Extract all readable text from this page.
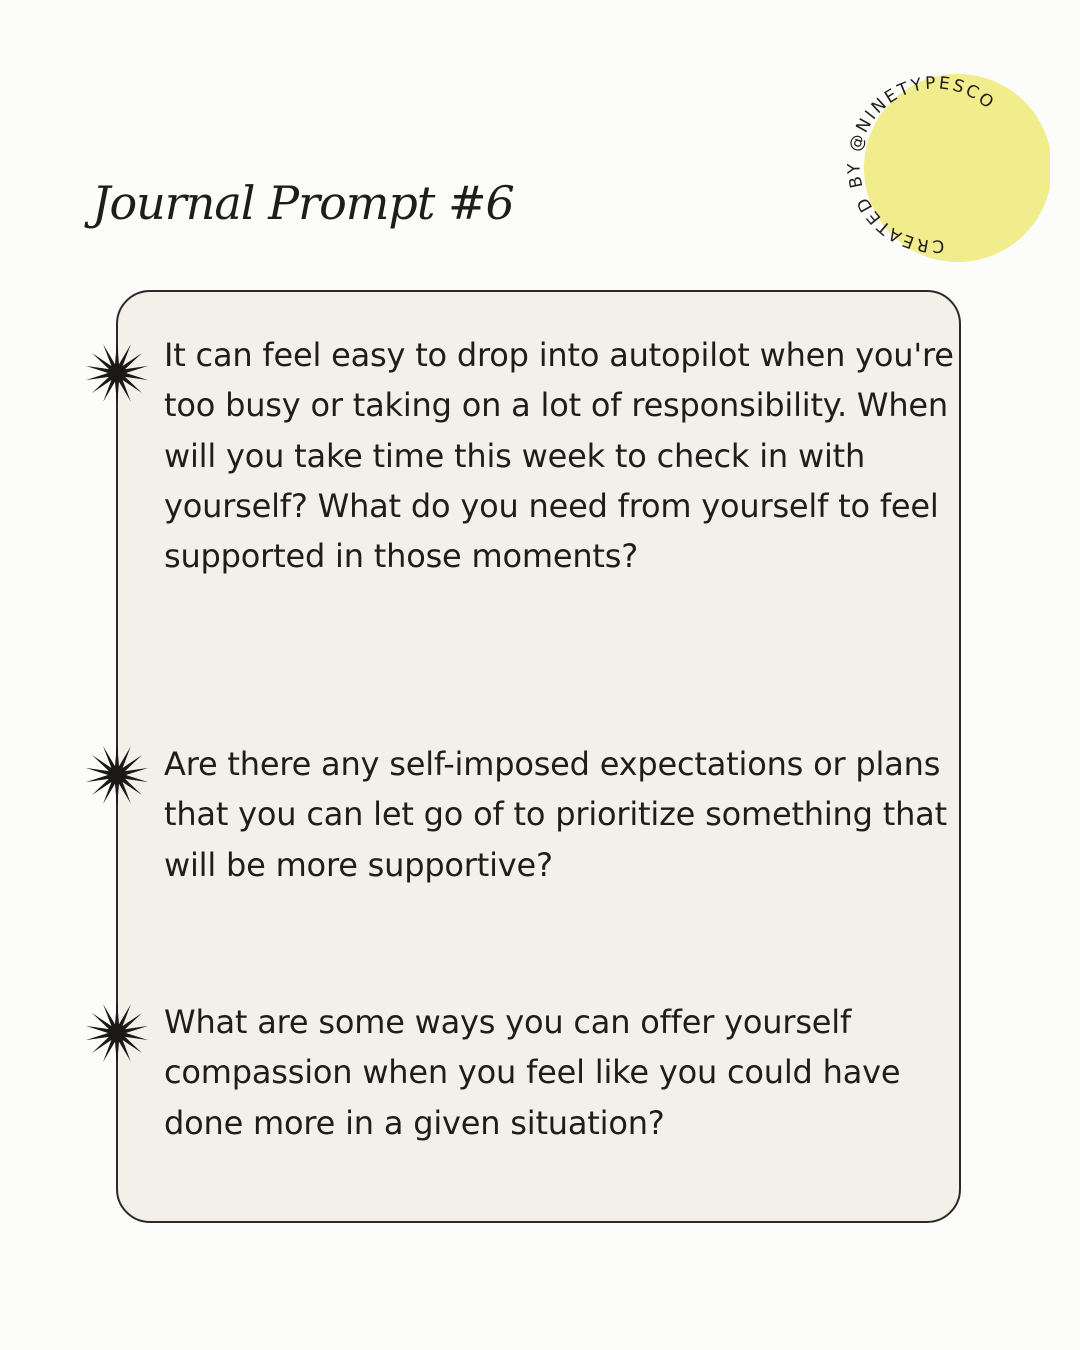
Journal Prompt #6
CREATED BY @NINETYPESCO

It can feel easy to drop into autopilot when you're too busy or taking on a lot of responsibility. When will you take time this week to check in with yourself? What do you need from yourself to feel supported in those moments?

Are there any self-imposed expectations or plans that you can let go of to prioritize something that will be more supportive?

What are some ways you can offer yourself compassion when you feel like you could have done more in a given situation?
